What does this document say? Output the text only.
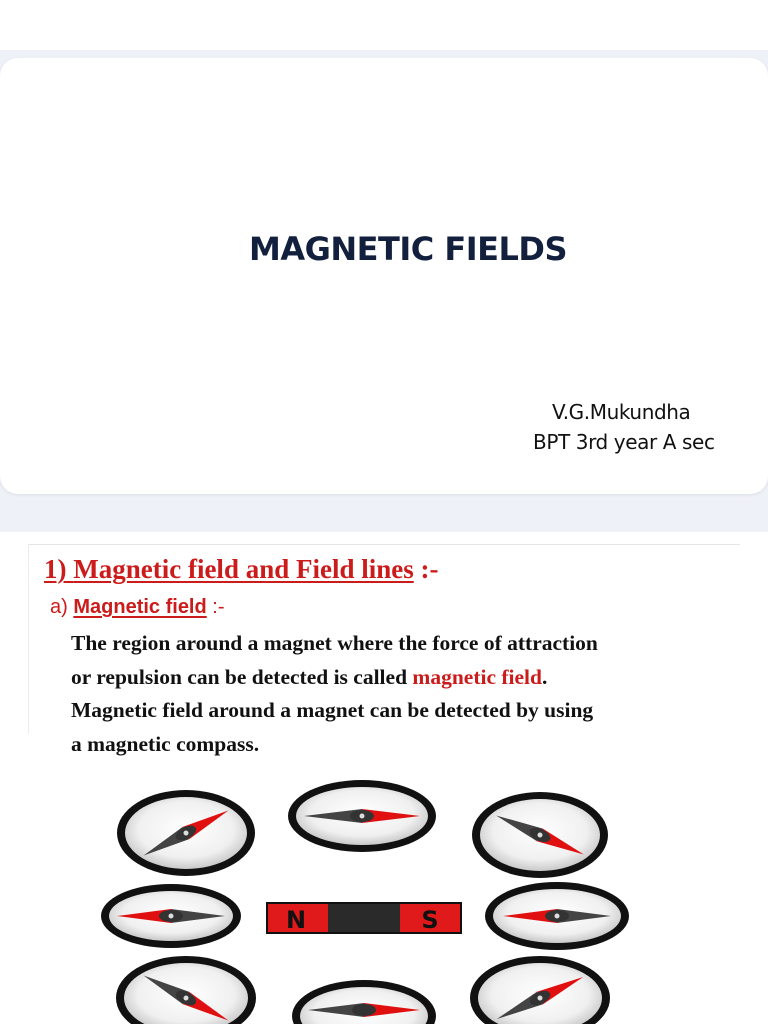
MAGNETIC FIELDS
V.G.Mukundha
BPT 3rd year A sec
1) Magnetic field and Field lines :-
a) Magnetic field :-
The region around a magnet where the force of attraction
or repulsion can be detected is called magnetic field.
Magnetic field around a magnet can be detected by using
a magnetic compass.
N	S
